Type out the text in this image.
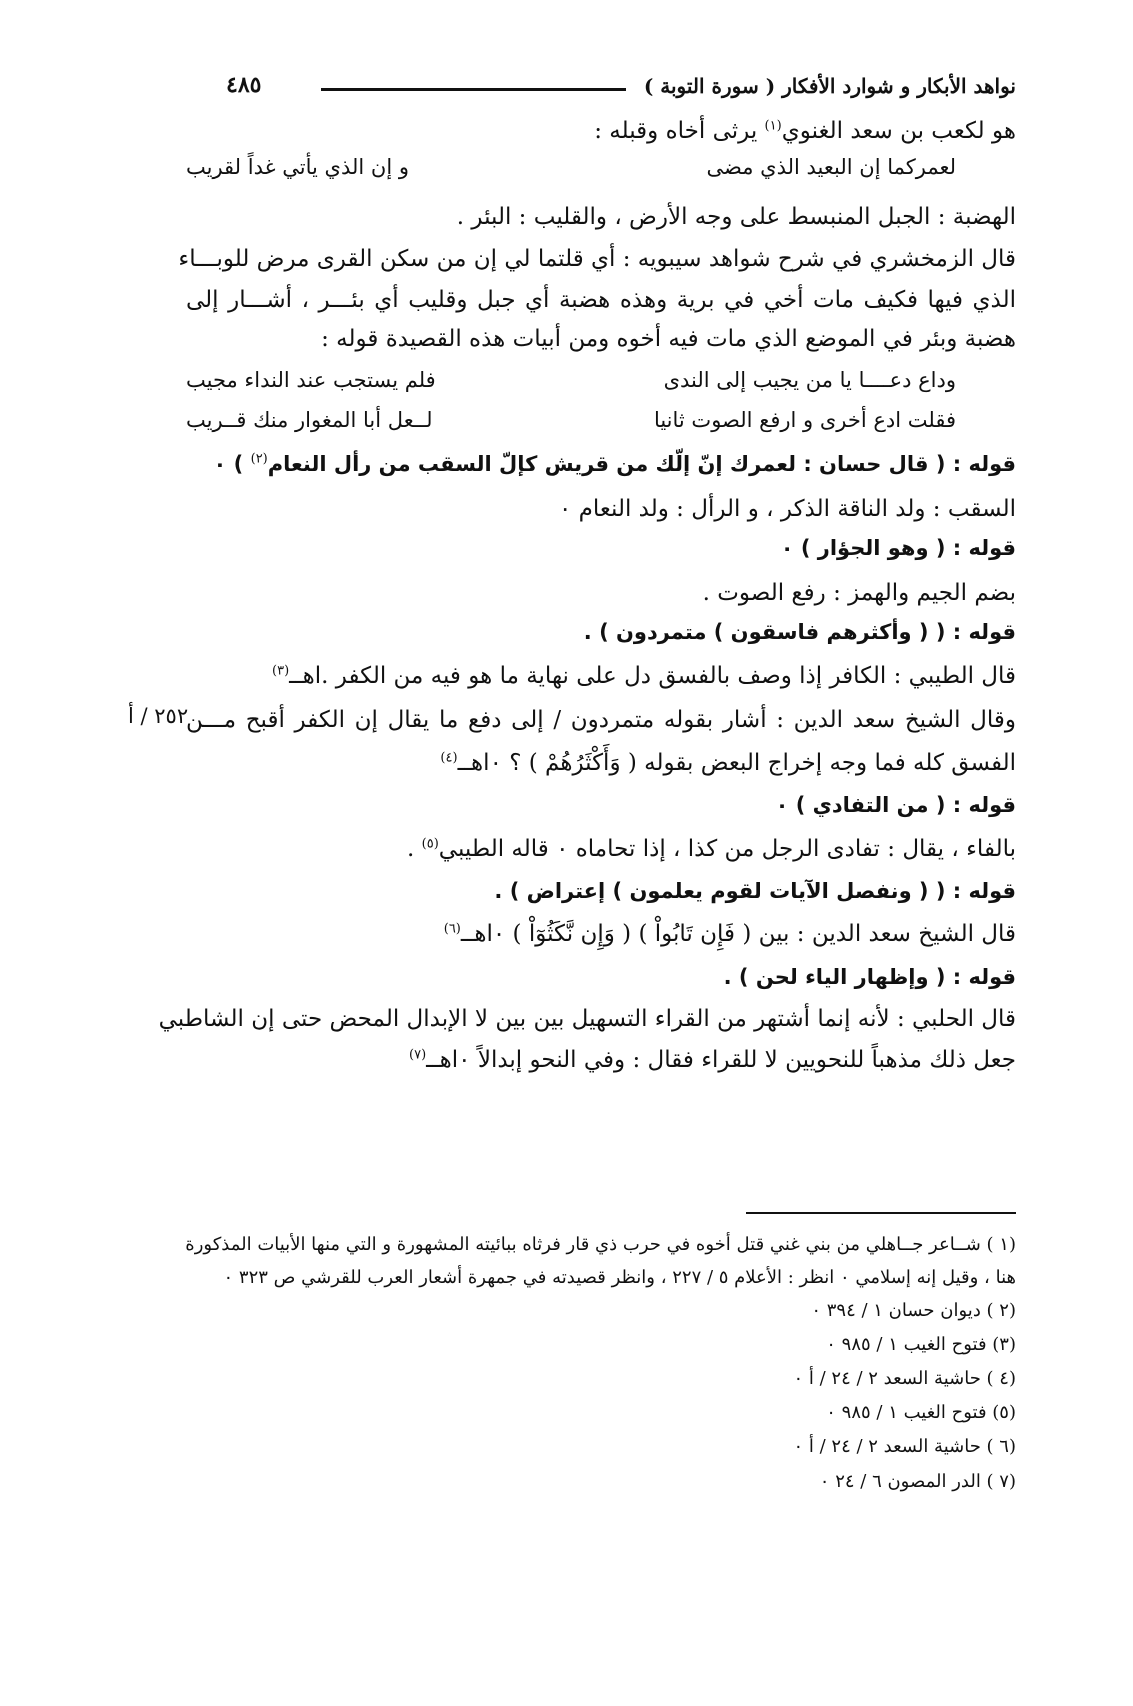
نواهد الأبكار و شوارد الأفكار ( سورة التوبة )
٤٨٥
هو لكعب بن سعد الغنوي$^{(١)}$ يرثى أخاه وقبله :
لعمركما إن البعيد الذي مضى
و إن الذي يأتي غداً لقريب
الهضبة : الجبل المنبسط على وجه الأرض ، والقليب : البئر .
قال الزمخشري في شرح شواهد سيبويه : أي قلتما لي إن من سكن القرى مرض للوبـــاء
الذي فيها فكيف مات أخي في برية وهذه هضبة أي جبل وقليب أي بئـــر ، أشـــار إلى
هضبة وبئر في الموضع الذي مات فيه أخوه ومن أبيات هذه القصيدة قوله :
وداع دعــــا يا من يجيب إلى الندى
فلم يستجب عند النداء مجيب
فقلت ادع أخرى و ارفع الصوت ثانيا
لــعل أبا المغوار منك قــريب
قوله : ( قال حسان : لعمرك إنّ إلّك من قريش كإلّ السقب من رأل النعام$^{(٢)}$ ) ٠
السقب : ولد الناقة الذكر ، و الرأل : ولد النعام ٠
قوله : ( وهو الجؤار ) ٠
بضم الجيم والهمز : رفع الصوت .
قوله : ( ( وأكثرهم فاسقون ) متمردون ) .
قال الطيبي : الكافر إذا وصف بالفسق دل على نهاية ما هو فيه من الكفر .اهــ$^{(٣)}$
وقال الشيخ سعد الدين : أشار بقوله متمردون / إلى دفع ما يقال إن الكفر أقبح مـــن
٢٥٢ / أ
الفسق كله فما وجه إخراج البعض بقوله ( وَأَكْثَرُهُمْ ) ؟ ٠اهــ$^{(٤)}$
قوله : ( من التفادي ) ٠
بالفاء ، يقال : تفادى الرجل من كذا ، إذا تحاماه ٠ قاله الطيبي$^{(٥)}$ .
قوله : ( ( ونفصل الآيات لقوم يعلمون ) إعتراض ) .
قال الشيخ سعد الدين : بين ( فَإِن تَابُواْ ) ( وَإِن نَّكَثُوٓاْ ) ٠اهــ$^{(٦)}$
قوله : ( وإظهار الياء لحن ) .
قال الحلبي : لأنه إنما أشتهر من القراء التسهيل بين بين لا الإبدال المحض حتى إن الشاطبي
جعل ذلك مذهباً للنحويين لا للقراء فقال : وفي النحو إبدالاً ٠اهــ$^{(٧)}$
(١ ) شــاعر جــاهلي من بني غني قتل أخوه في حرب ذي قار فرثاه ببائيته المشهورة و التي منها الأبيات المذكورة
هنا ، وقيل إنه إسلامي ٠ انظر : الأعلام ٥ / ٢٢٧ ، وانظر قصيدته في جمهرة أشعار العرب للقرشي ص ٣٢٣ ٠
(٢ ) ديوان حسان ١ / ٣٩٤ ٠
(٣) فتوح الغيب ١ / ٩٨٥ ٠
(٤ ) حاشية السعد ٢ / ٢٤ / أ ٠
(٥) فتوح الغيب ١ / ٩٨٥ ٠
(٦ ) حاشية السعد ٢ / ٢٤ / أ ٠
(٧ ) الدر المصون ٦ / ٢٤ ٠
